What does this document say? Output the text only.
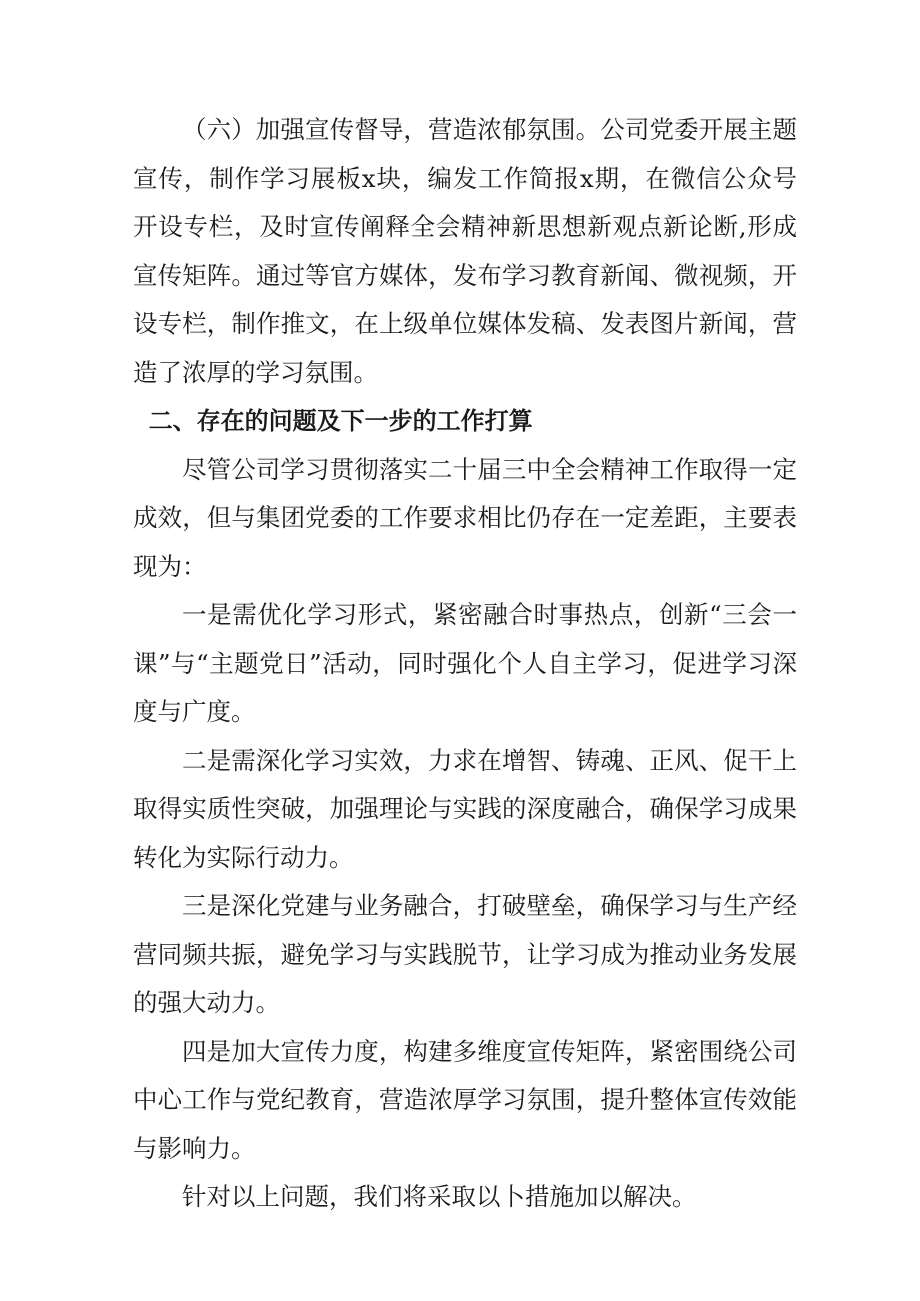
（六）加强宣传督导，营造浓郁氛围。公司党委开展主题宣传，制作学习展板x块，编发工作简报x期，在微信公众号开设专栏，及时宣传阐释全会精神新思想新观点新论断,形成宣传矩阵。通过等官方媒体，发布学习教育新闻、微视频，开设专栏，制作推文，在上级单位媒体发稿、发表图片新闻，营造了浓厚的学习氛围。

二、存在的问题及下一步的工作打算

尽管公司学习贯彻落实二十届三中全会精神工作取得一定成效，但与集团党委的工作要求相比仍存在一定差距，主要表现为：

一是需优化学习形式，紧密融合时事热点，创新“三会一课”与“主题党日”活动，同时强化个人自主学习，促进学习深度与广度。

二是需深化学习实效，力求在增智、铸魂、正风、促干上取得实质性突破，加强理论与实践的深度融合，确保学习成果转化为实际行动力。

三是深化党建与业务融合，打破壁垒，确保学习与生产经营同频共振，避免学习与实践脱节，让学习成为推动业务发展的强大动力。

四是加大宣传力度，构建多维度宣传矩阵，紧密围绕公司中心工作与党纪教育，营造浓厚学习氛围，提升整体宣传效能与影响力。

针对以上问题，我们将采取以卜措施加以解决。
